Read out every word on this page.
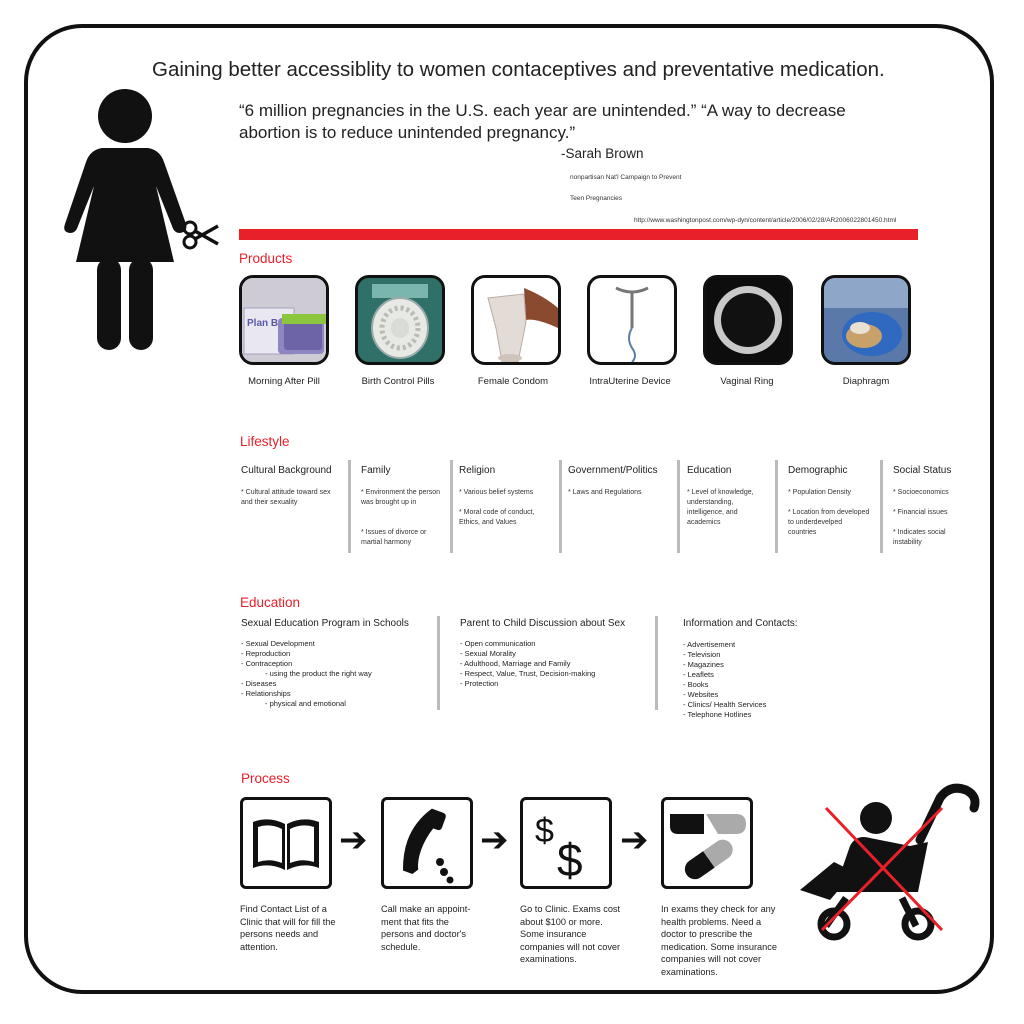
Gaining better accessiblity to women contaceptives and preventative medication.
“6 million pregnancies in the U.S. each year are unintended.” “A way to decrease abortion is to reduce unintended pregnancy.”
-Sarah Brown
nonpartisan Nat'l Campaign to Prevent
Teen Pregnancies
http://www.washingtonpost.com/wp-dyn/content/article/2006/02/28/AR2006022801450.html
Products
Plan B
Morning After Pill	Birth Control Pills	Female Condom	IntraUterine Device	Vaginal Ring	Diaphragm
Lifestyle
Cultural Background
* Cultural attitude toward sex and their sexuality
Family
* Environment the person was brought up in
* Issues of divorce or martial harmony
Religion
* Various belief systems
* Moral code of conduct, Ethics, and Values
Government/Politics
* Laws and Regulations
Education
* Level of knowledge, understanding, intelligence, and academics
Demographic
* Population Density
* Location from developed to underdevelped countries
Social Status
* Socioeconomics
* Financial issues
* Indicates social instability
Education
Sexual Education Program in Schools
- Sexual Development
- Reproduction
- Contraception
- using the product the right way
- Diseases
- Relationships
- physical and emotional
Parent to Child Discussion about Sex
- Open communication
- Sexual Morality
- Adulthood, Marriage and Family
- Respect, Value, Trust, Decision-making
- Protection
Information and Contacts:
- Advertisement
- Television
- Magazines
- Leaflets
- Books
- Websites
- Clinics/ Health Services
- Telephone Hotlines
Process
➔	➔ $
$ ➔
Find Contact List of a Clinic that will for fill the persons needs and attention.
Call make an appoint-ment that fits the persons and doctor's schedule.
Go to Clinic. Exams cost about $100 or more. Some insurance companies will not cover examinations.
In exams they check for any health problems. Need a doctor to prescribe the medication. Some insurance companies will not cover examinations.
